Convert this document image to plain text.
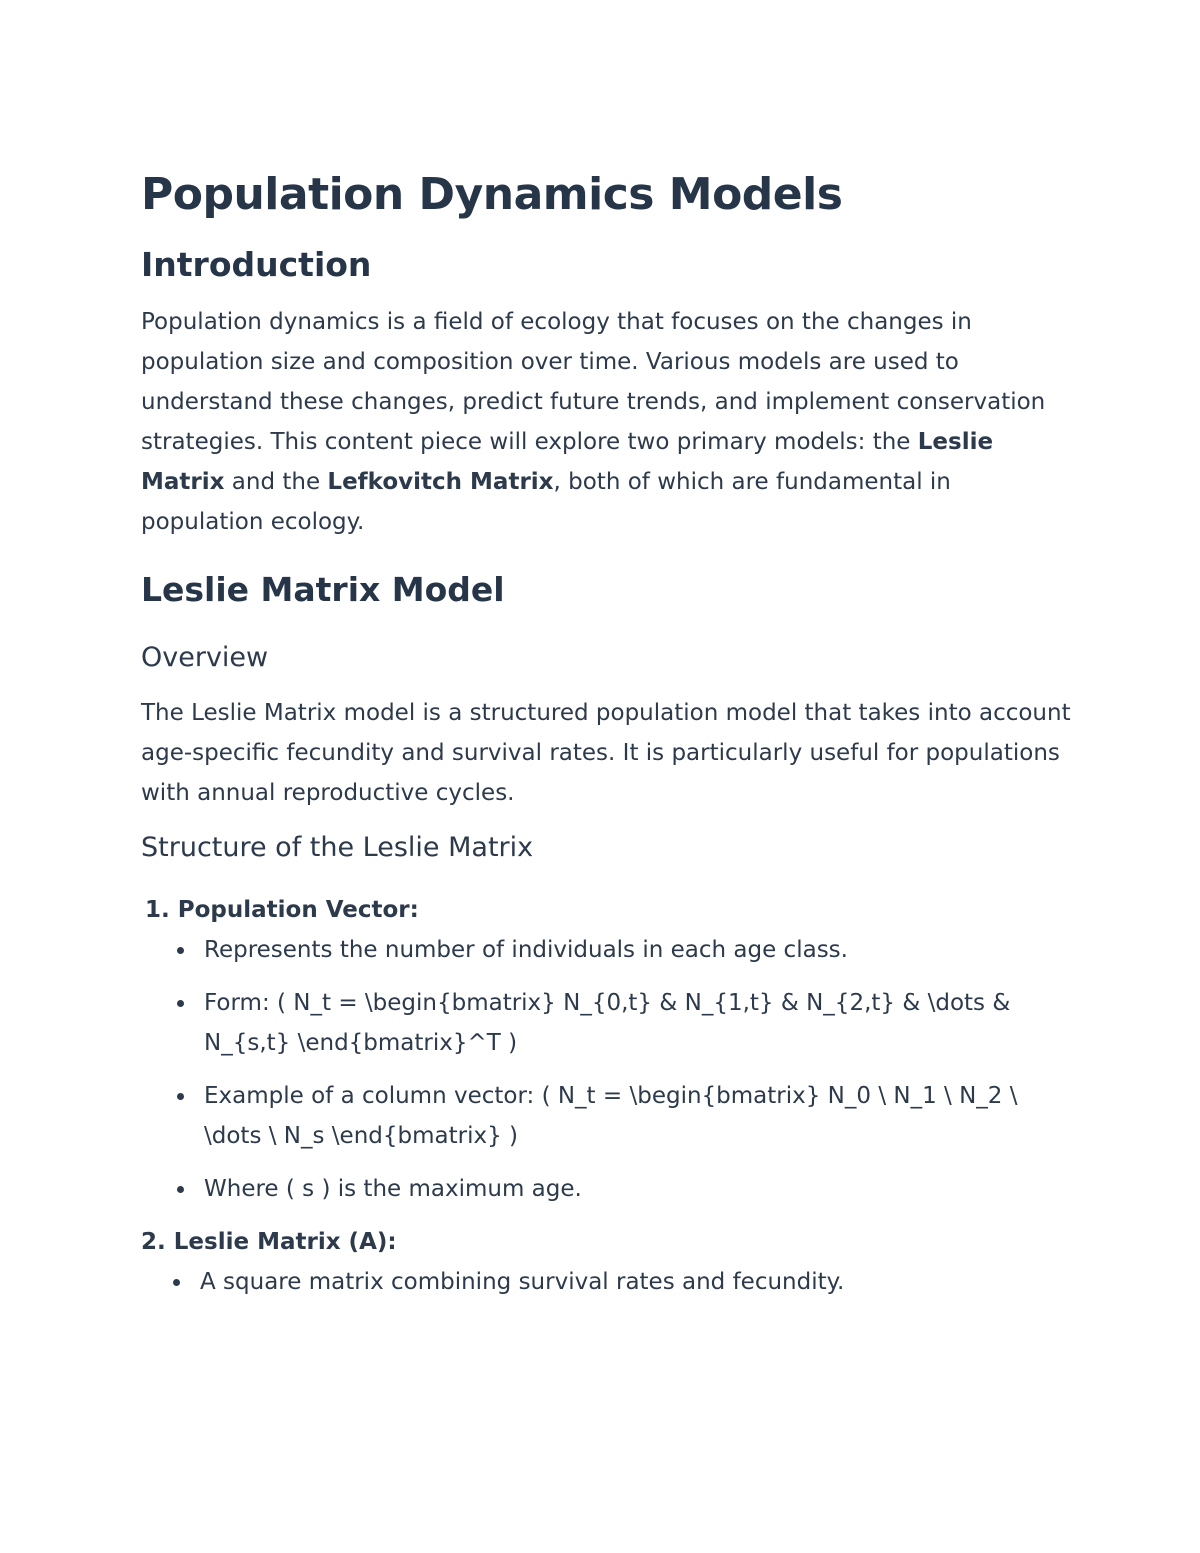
Population Dynamics Models
Introduction

Population dynamics is a field of ecology that focuses on the changes in population size and composition over time. Various models are used to understand these changes, predict future trends, and implement conservation strategies. This content piece will explore two primary models: the Leslie Matrix and the Lefkovitch Matrix, both of which are fundamental in population ecology.

Leslie Matrix Model
Overview

The Leslie Matrix model is a structured population model that takes into account age-specific fecundity and survival rates. It is particularly useful for populations with annual reproductive cycles.

Structure of the Leslie Matrix
1. Population Vector:
Represents the number of individuals in each age class.
Form: ( N_t = \begin{bmatrix} N_{0,t} & N_{1,t} & N_{2,t} & \dots & N_{s,t} \end{bmatrix}^T )
Example of a column vector: ( N_t = \begin{bmatrix} N_0 \ N_1 \ N_2 \ \dots \ N_s \end{bmatrix} )
Where ( s ) is the maximum age.
2. Leslie Matrix (A):
A square matrix combining survival rates and fecundity.
